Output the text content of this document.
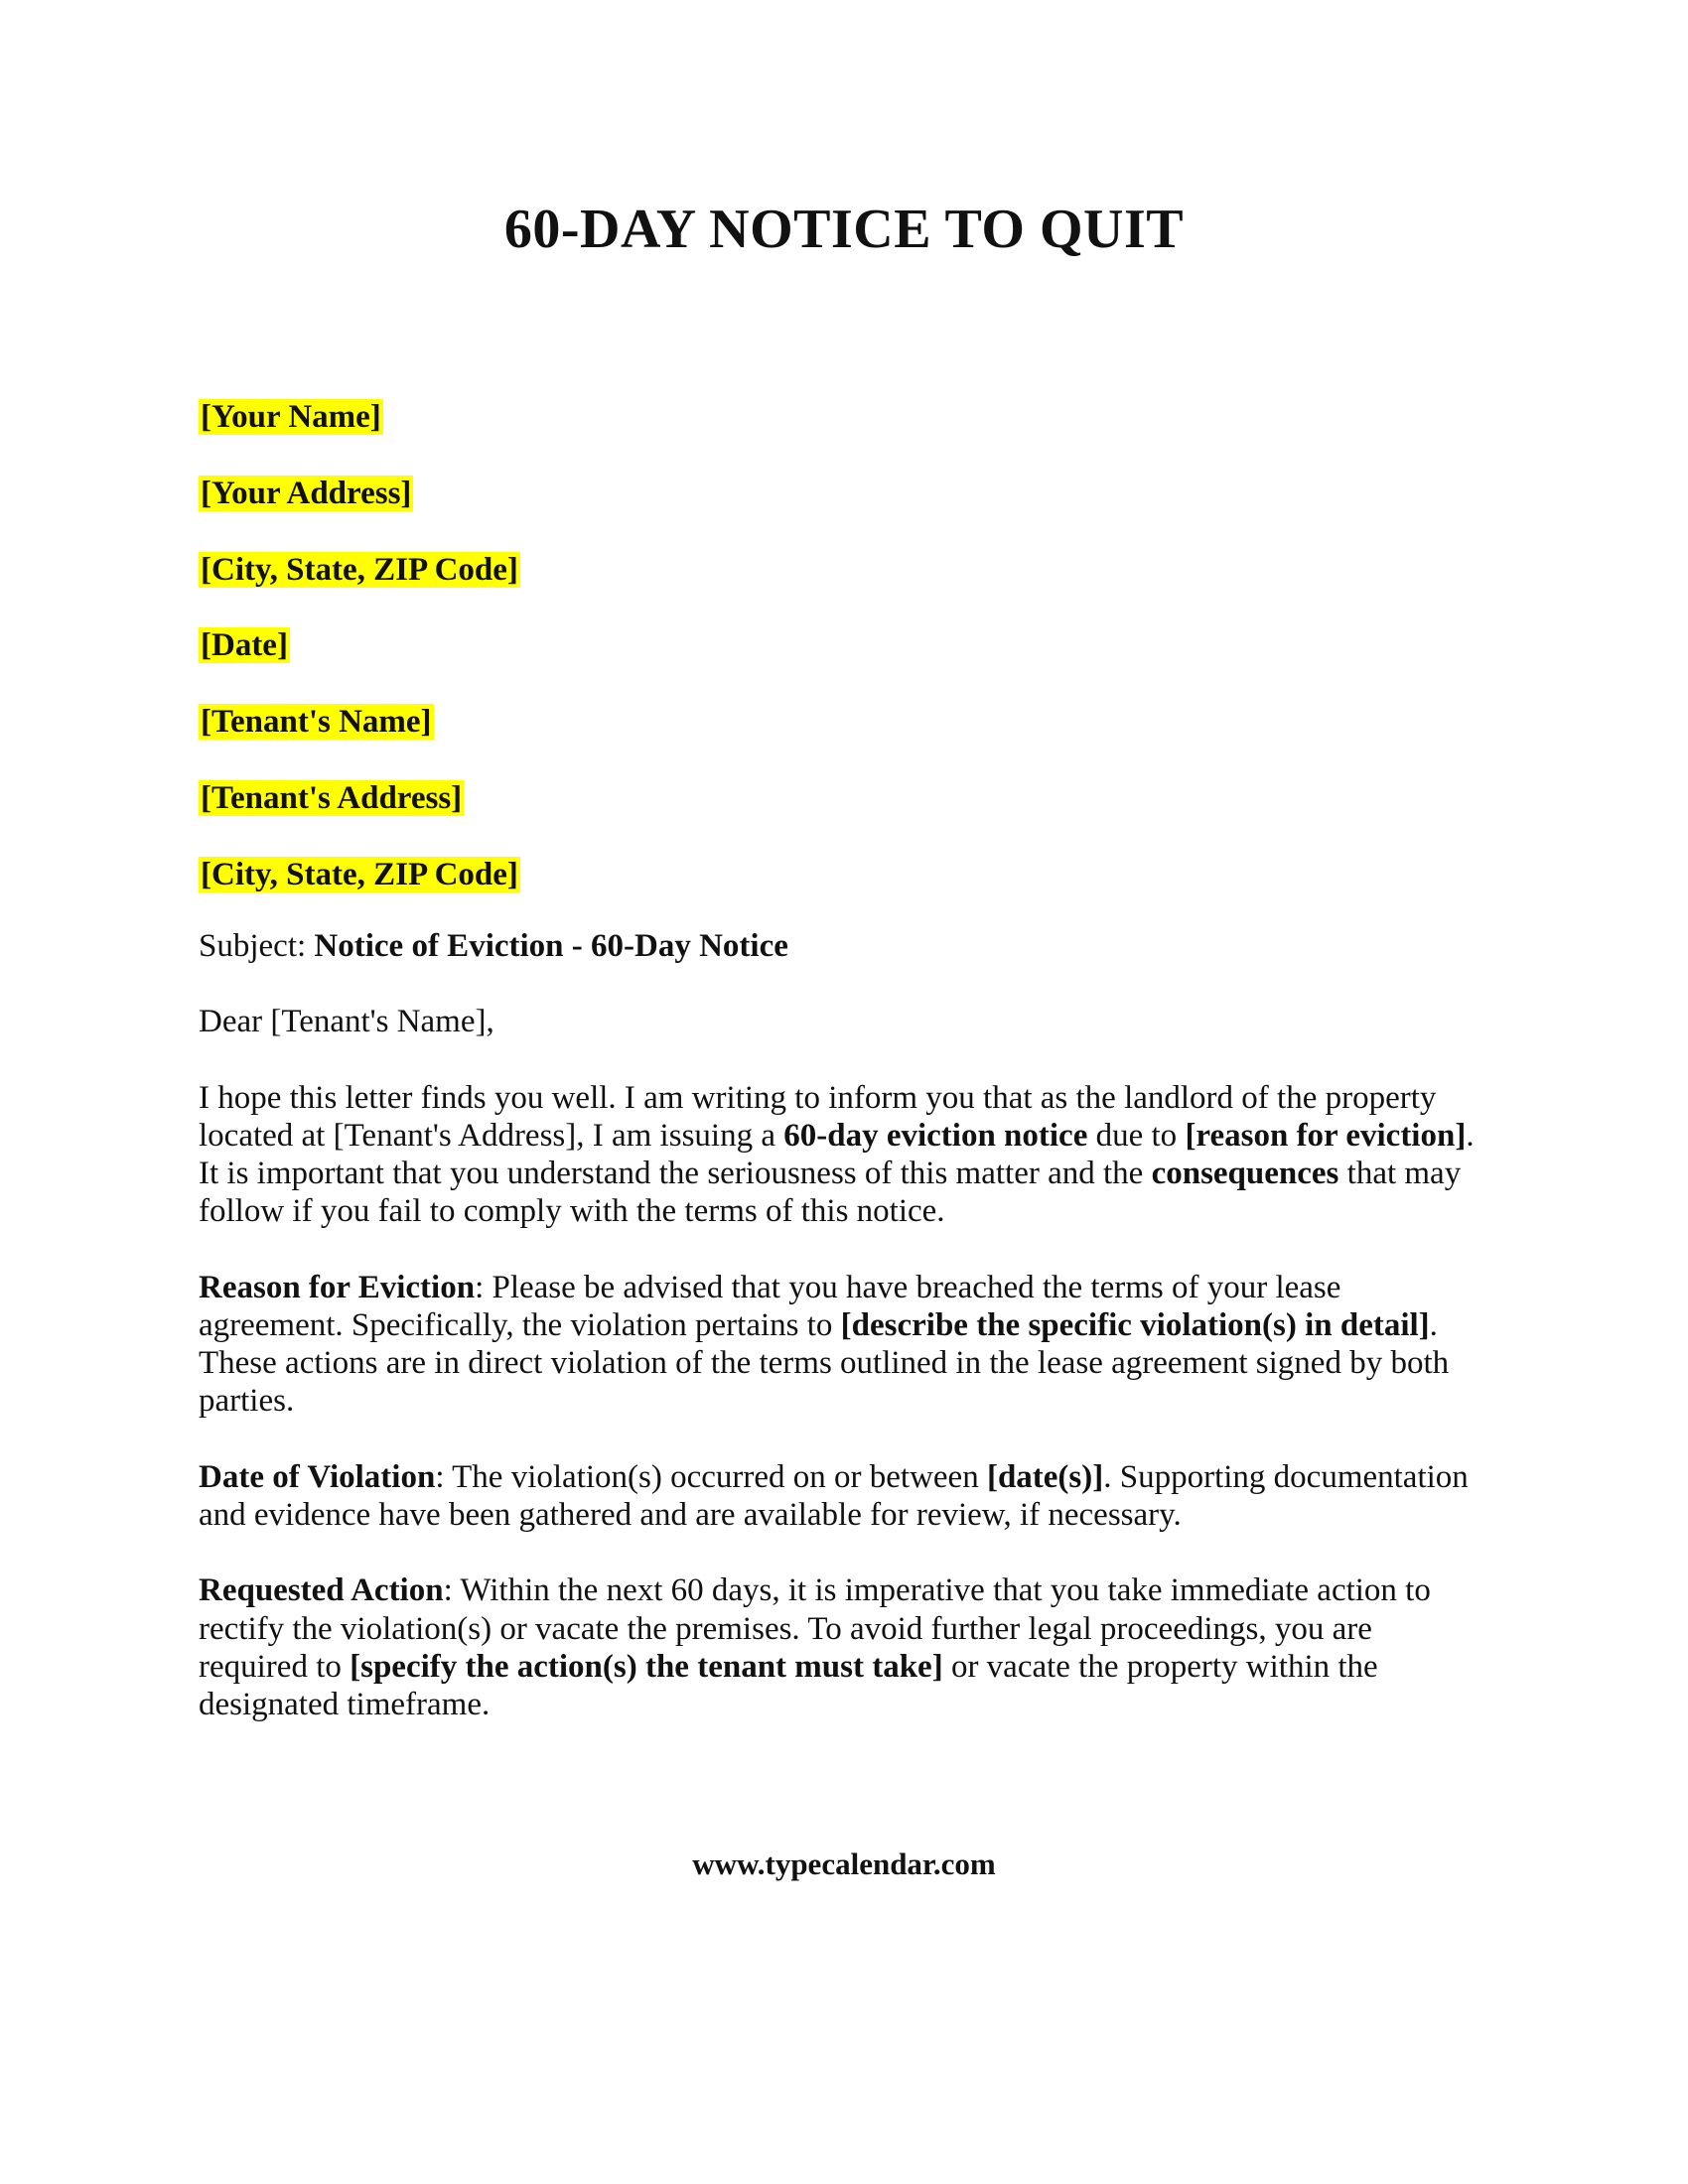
60-DAY NOTICE TO QUIT
[Your Name]
[Your Address]
[City, State, ZIP Code]
[Date]
[Tenant's Name]
[Tenant's Address]
[City, State, ZIP Code]

Subject: Notice of Eviction - 60-Day Notice

Dear [Tenant's Name],

I hope this letter finds you well. I am writing to inform you that as the landlord of the property located at [Tenant's Address], I am issuing a 60-day eviction notice due to [reason for eviction]. It is important that you understand the seriousness of this matter and the consequences that may follow if you fail to comply with the terms of this notice.

Reason for Eviction: Please be advised that you have breached the terms of your lease agreement. Specifically, the violation pertains to [describe the specific violation(s) in detail]. These actions are in direct violation of the terms outlined in the lease agreement signed by both parties.

Date of Violation: The violation(s) occurred on or between [date(s)]. Supporting documentation and evidence have been gathered and are available for review, if necessary.

Requested Action: Within the next 60 days, it is imperative that you take immediate action to rectify the violation(s) or vacate the premises. To avoid further legal proceedings, you are required to [specify the action(s) the tenant must take] or vacate the property within the designated timeframe.

www.typecalendar.com
